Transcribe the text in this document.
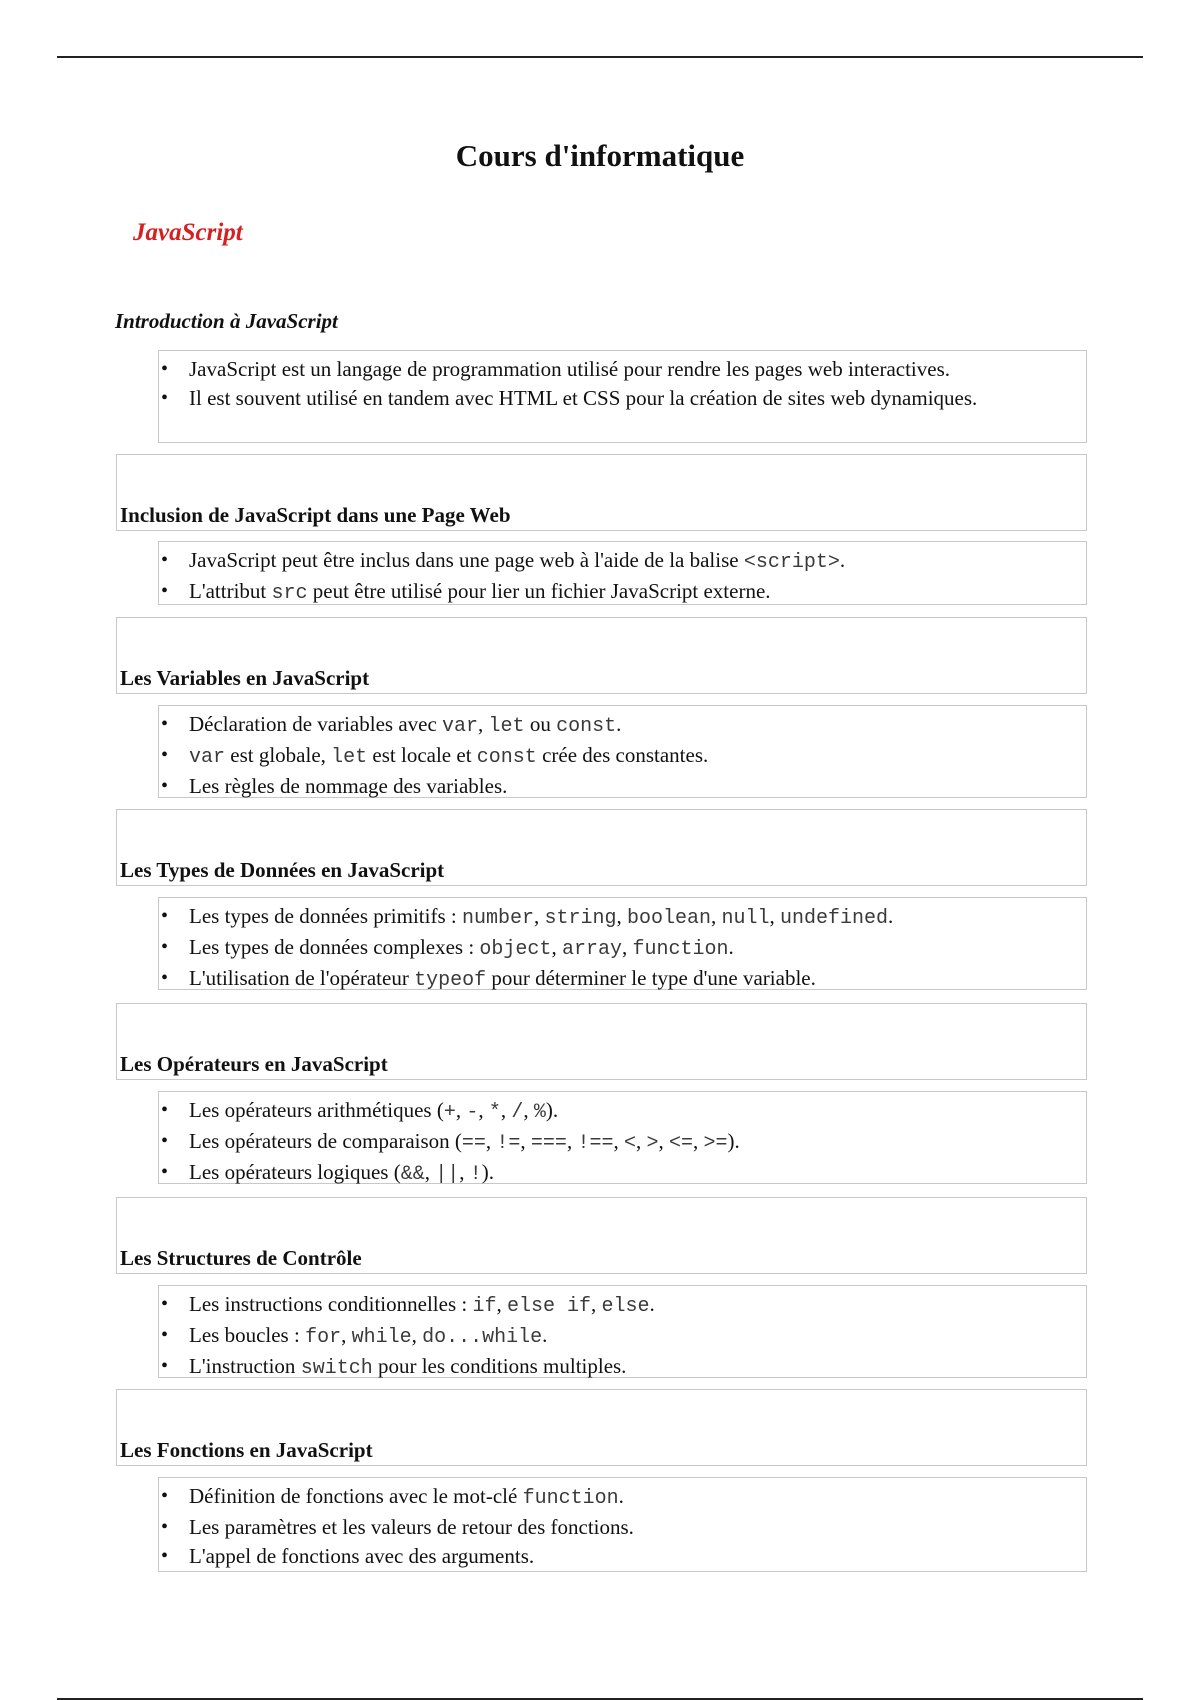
Cours d'informatique
JavaScript
Introduction à JavaScript
• JavaScript est un langage de programmation utilisé pour rendre les pages web interactives.
• Il est souvent utilisé en tandem avec HTML et CSS pour la création de sites web dynamiques.
Inclusion de JavaScript dans une Page Web
• JavaScript peut être inclus dans une page web à l'aide de la balise <script>.
• L'attribut src peut être utilisé pour lier un fichier JavaScript externe.
Les Variables en JavaScript
• Déclaration de variables avec var, let ou const.
• var est globale, let est locale et const crée des constantes.
• Les règles de nommage des variables.
Les Types de Données en JavaScript
• Les types de données primitifs : number, string, boolean, null, undefined.
• Les types de données complexes : object, array, function.
• L'utilisation de l'opérateur typeof pour déterminer le type d'une variable.
Les Opérateurs en JavaScript
• Les opérateurs arithmétiques (+, -, *, /, %).
• Les opérateurs de comparaison (==, !=, ===, !==, <, >, <=, >=).
• Les opérateurs logiques (&&, ||, !).
Les Structures de Contrôle
• Les instructions conditionnelles : if, else if, else.
• Les boucles : for, while, do...while.
• L'instruction switch pour les conditions multiples.
Les Fonctions en JavaScript
• Définition de fonctions avec le mot-clé function.
• Les paramètres et les valeurs de retour des fonctions.
• L'appel de fonctions avec des arguments.
